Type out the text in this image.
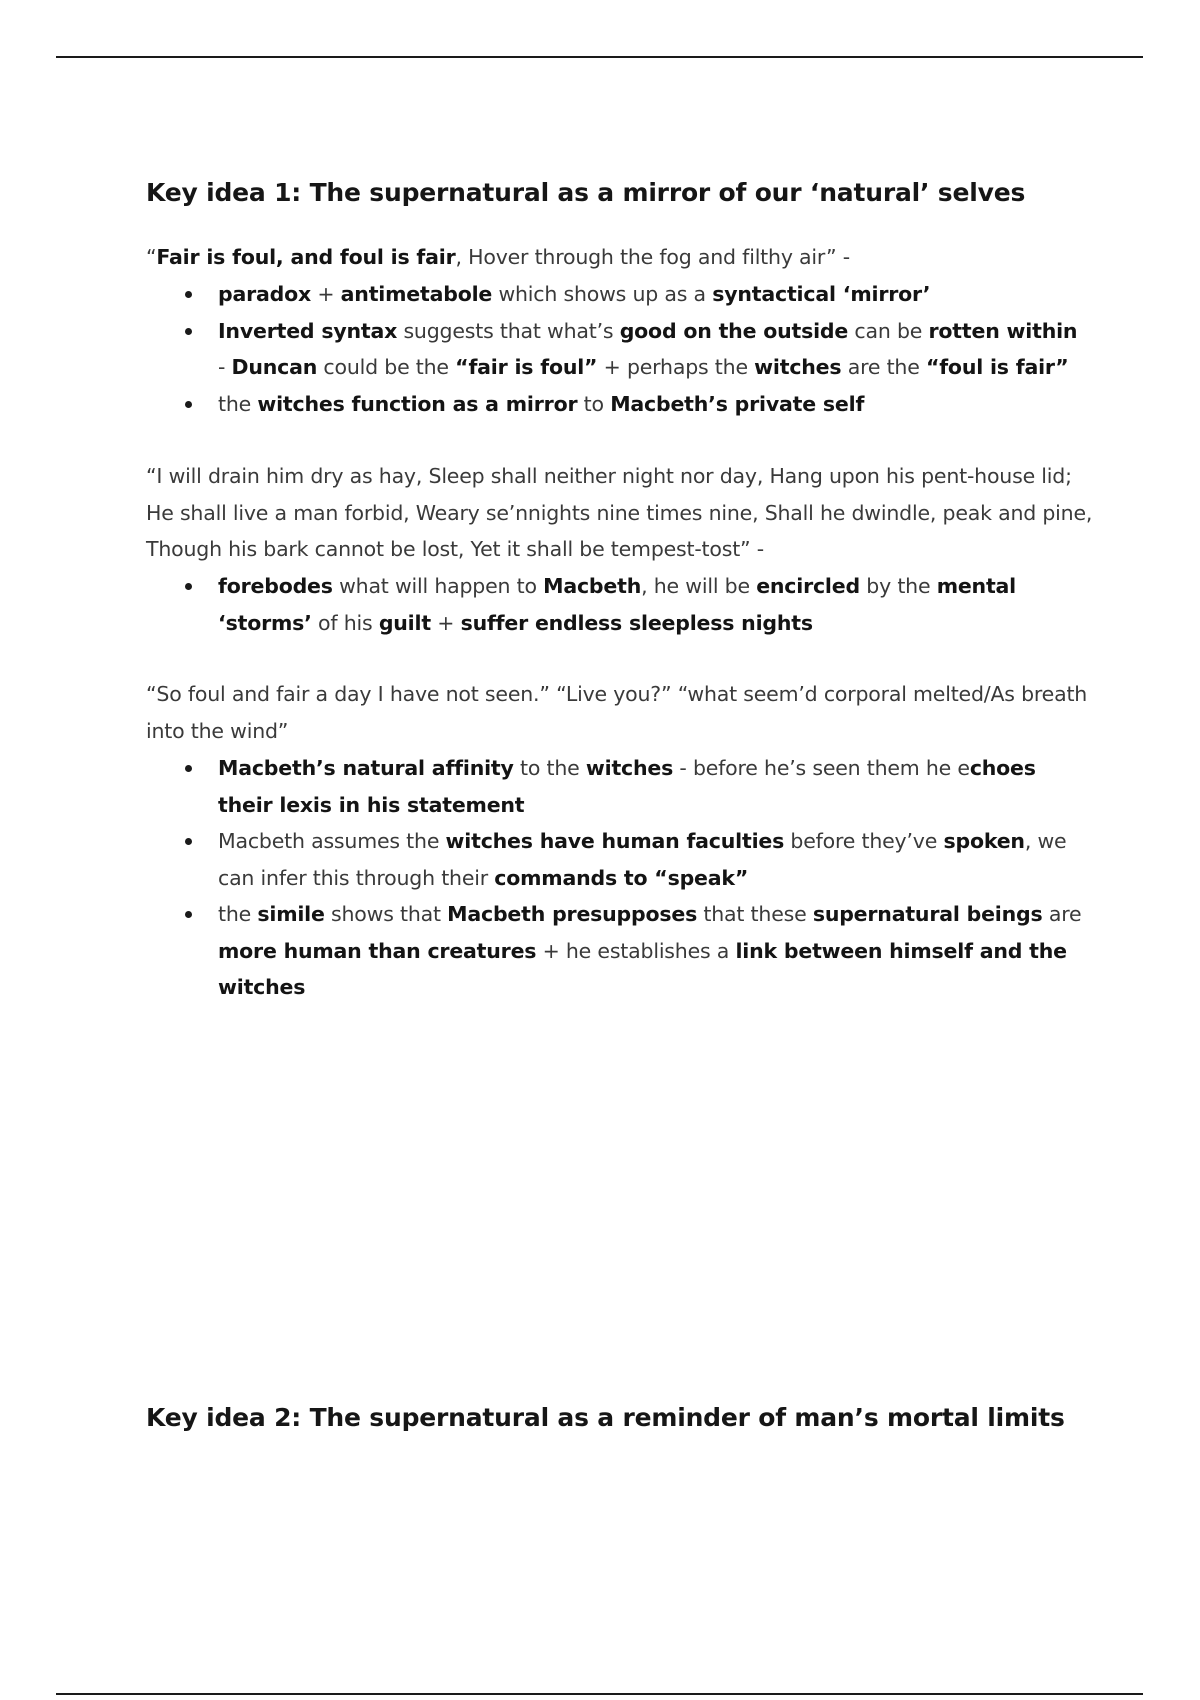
Key idea 1: The supernatural as a mirror of our ‘natural’ selves

“Fair is foul, and foul is fair, Hover through the fog and filthy air” -

paradox + antimetabole which shows up as a syntactical ‘mirror’
Inverted syntax suggests that what’s good on the outside can be rotten within - Duncan could be the “fair is foul” + perhaps the witches are the “foul is fair”
the witches function as a mirror to Macbeth’s private self

“I will drain him dry as hay, Sleep shall neither night nor day, Hang upon his pent-house lid; He shall live a man forbid, Weary se’nnights nine times nine, Shall he dwindle, peak and pine, Though his bark cannot be lost, Yet it shall be tempest-tost” -

forebodes what will happen to Macbeth, he will be encircled by the mental ‘storms’ of his guilt + suffer endless sleepless nights

“So foul and fair a day I have not seen.” “Live you?” “what seem’d corporal melted/As breath into the wind”

Macbeth’s natural affinity to the witches - before he’s seen them he echoes their lexis in his statement
Macbeth assumes the witches have human faculties before they’ve spoken, we can infer this through their commands to “speak”
the simile shows that Macbeth presupposes that these supernatural beings are more human than creatures + he establishes a link between himself and the witches
Key idea 2: The supernatural as a reminder of man’s mortal limits
